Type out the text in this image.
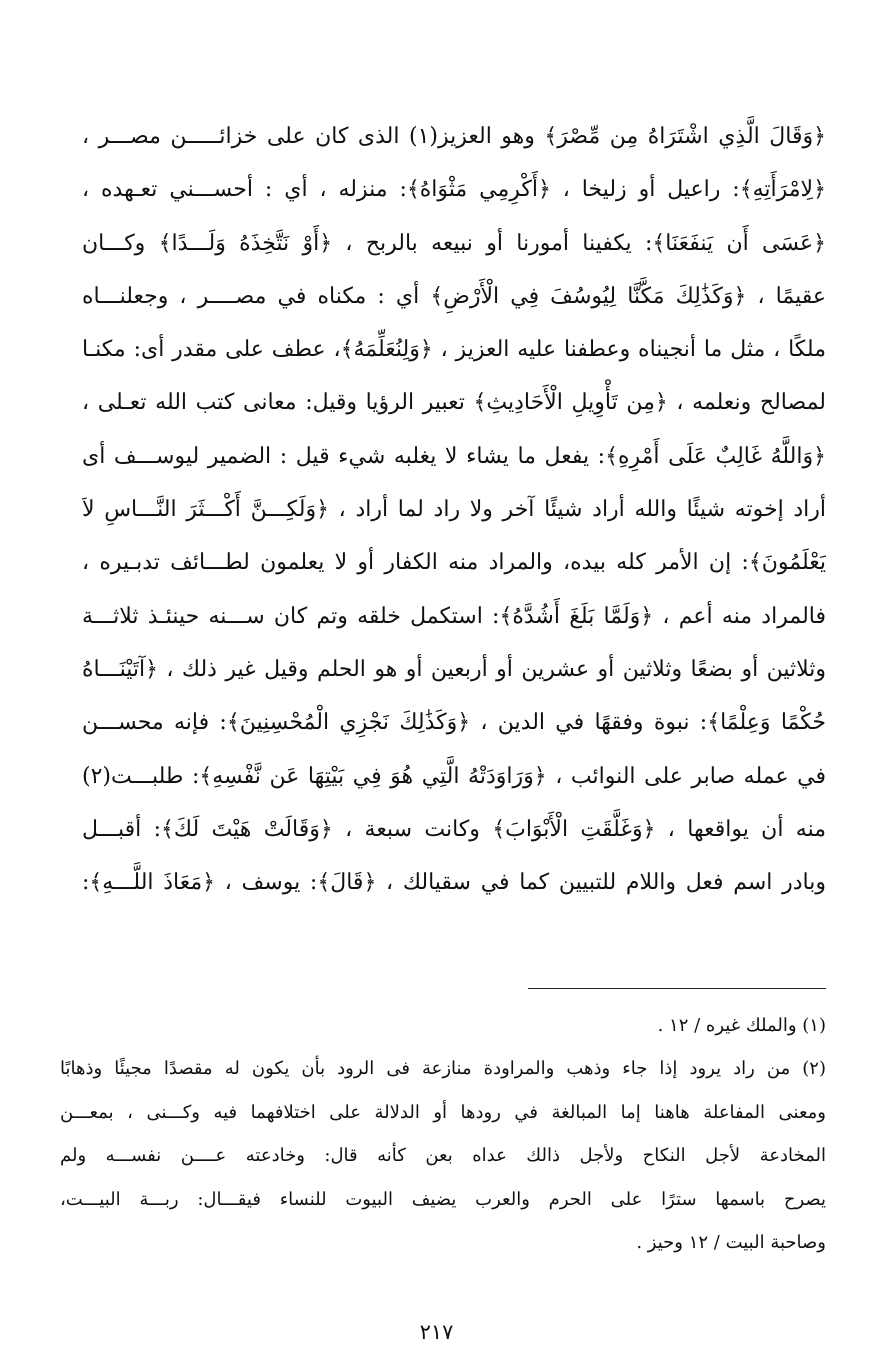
﴿وَقَالَ الَّذِي اشْتَرَاهُ مِن مِّصْرَ﴾ وهو العزيز(١) الذى كان على خزائـــــن مصـــر ،
﴿لِامْرَأَتِهِ﴾: راعيل أو زليخا ، ﴿أَكْرِمِي مَثْوَاهُ﴾: منزله ، أي : أحســـني تعـهده ،
﴿عَسَى أَن يَنفَعَنَا﴾: يكفينا أمورنا أو نبيعه بالربح ، ﴿أَوْ نَتَّخِذَهُ وَلَـــدًا﴾ وكـــان
عقيمًا ، ﴿وَكَذَٰلِكَ مَكَّنَّا لِيُوسُفَ فِي الْأَرْضِ﴾ أي : مكناه في مصــــر ، وجعلنـــاه
ملكًا ، مثل ما أنجيناه وعطفنا عليه العزيز ، ﴿وَلِنُعَلِّمَهُ﴾، عطف على مقدر أى: مكنـا
لمصالح ونعلمه ، ﴿مِن تَأْوِيلِ الْأَحَادِيثِ﴾ تعبير الرؤيا وقيل: معانى كتب الله تعـلى ،
﴿وَاللَّهُ غَالِبٌ عَلَى أَمْرِهِ﴾: يفعل ما يشاء لا يغلبه شيء قيل : الضمير ليوســـف أى
أراد إخوته شيئًا والله أراد شيئًا آخر ولا راد لما أراد ، ﴿وَلَكِـــنَّ أَكْـــثَرَ النَّـــاسِ لاَ
يَعْلَمُونَ﴾: إن الأمر كله بيده، والمراد منه الكفار أو لا يعلمون لطـــائف تدبـيره ،
فالمراد منه أعم ، ﴿وَلَمَّا بَلَغَ أَشُدَّهُ﴾: استكمل خلقه وتم كان ســـنه حينئـذ ثلاثـــة
وثلاثين أو بضعًا وثلاثين أو عشرين أو أربعين أو هو الحلم وقيل غير ذلك ، ﴿آتَيْنَـــاهُ
حُكْمًا وَعِلْمًا﴾: نبوة وفقهًا في الدين ، ﴿وَكَذَٰلِكَ نَجْزِي الْمُحْسِنِينَ﴾: فإنه محســـن
في عمله صابر على النوائب ، ﴿وَرَاوَدَتْهُ الَّتِي هُوَ فِي بَيْتِهَا عَن نَّفْسِهِ﴾: طلبـــت(٢)
منه أن يواقعها ، ﴿وَغَلَّقَتِ الْأَبْوَابَ﴾ وكانت سبعة ، ﴿وَقَالَتْ هَيْتَ لَكَ﴾: أقبـــل
وبادر اسم فعل واللام للتبيين كما في سقيالك ، ﴿قَالَ﴾: يوسف ، ﴿مَعَاذَ اللَّـــهِ﴾:
(١) والملك غيره / ١٢ .
(٢) من راد يرود إذا جاء وذهب والمراودة منازعة فى الرود بأن يكون له مقصدًا مجيئًا وذهابًا
ومعنى المفاعلة هاهنا إما المبالغة في رودها أو الدلالة على اختلافهما فيه وكـــنى ، بمعـــن
المخادعة لأجل النكاح ولأجل ذالك عداه بعن كأنه قال: وخادعته عــــن نفســـه ولم
يصرح باسمها سترًا على الحرم والعرب يضيف البيوت للنساء فيقـــال: ربـــة البيـــت،
وصاحبة البيت / ١٢ وحيز .
٢١٧
